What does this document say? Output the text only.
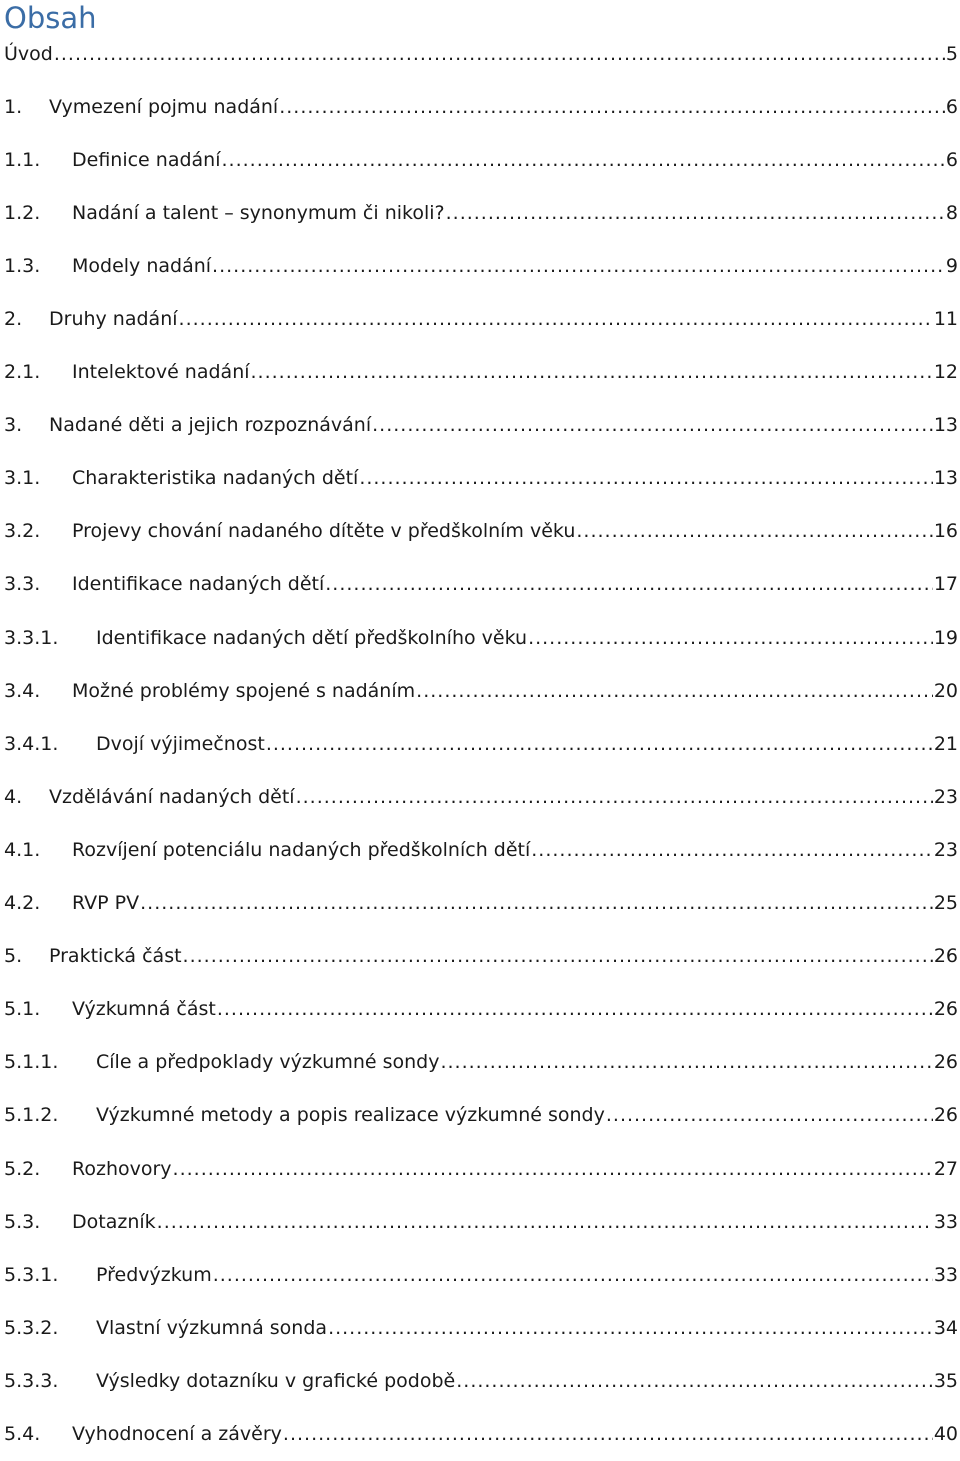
Obsah
Úvod .....	5
1.	Vymezení pojmu nadání .....	6
1.1.	Definice nadání .....	6
1.2.	Nadání a talent – synonymum či nikoli? .....	8
1.3.	Modely nadání .....	9
2.	Druhy nadání .....	11
2.1.	Intelektové nadání .....	12
3.	Nadané děti a jejich rozpoznávání .....	13
3.1.	Charakteristika nadaných dětí .....	13
3.2.	Projevy chování nadaného dítěte v předškolním věku .....	16
3.3.	Identifikace nadaných dětí .....	17
3.3.1.	Identifikace nadaných dětí předškolního věku .....	19
3.4.	Možné problémy spojené s nadáním .....	20
3.4.1.	Dvojí výjimečnost .....	21
4.	Vzdělávání nadaných dětí .....	23
4.1.	Rozvíjení potenciálu nadaných předškolních dětí .....	23
4.2.	RVP PV .....	25
5.	Praktická část .....	26
5.1.	Výzkumná část .....	26
5.1.1.	Cíle a předpoklady výzkumné sondy .....	26
5.1.2.	Výzkumné metody a popis realizace výzkumné sondy .....	26
5.2.	Rozhovory .....	27
5.3.	Dotazník .....	33
5.3.1.	Předvýzkum .....	33
5.3.2.	Vlastní výzkumná sonda .....	34
5.3.3.	Výsledky dotazníku v grafické podobě .....	35
5.4.	Vyhodnocení a závěry .....	40
